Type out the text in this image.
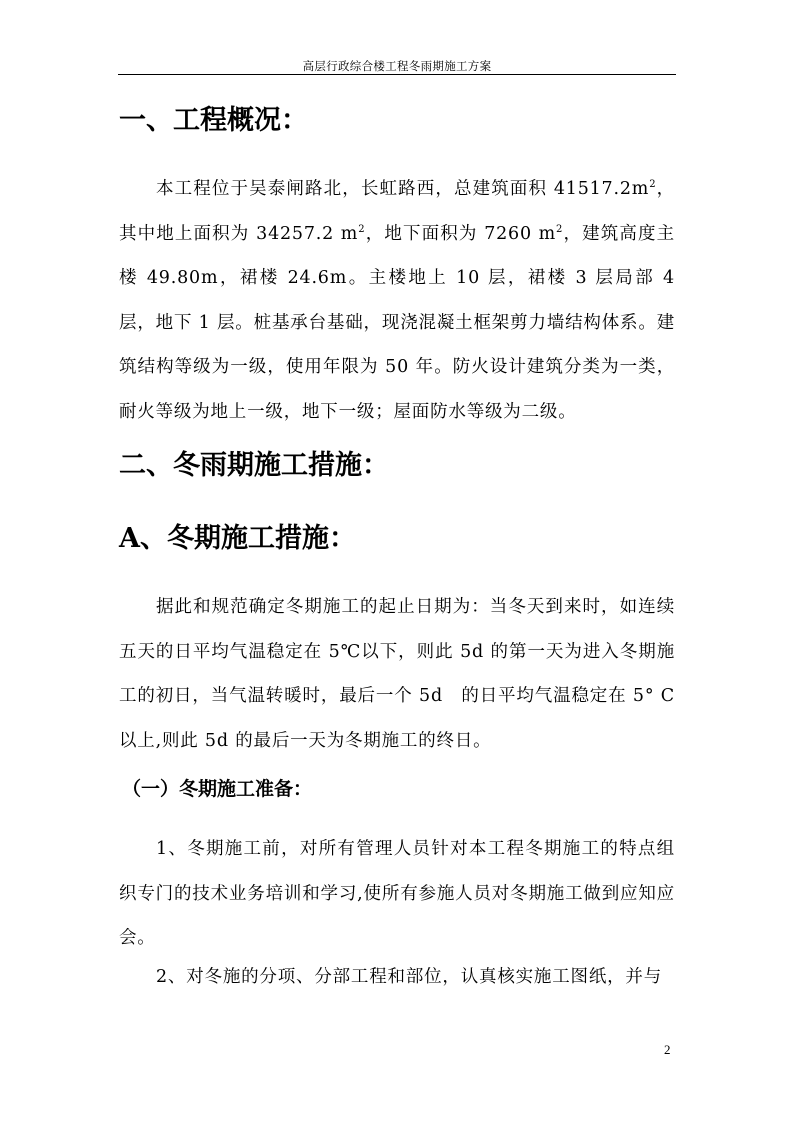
高层行政综合楼工程冬雨期施工方案
一、工程概况：
本工程位于吴泰闸路北，长虹路西，总建筑面积 $41517.2m^2$，其中地上面积为 34257.2 $m^2$，地下面积为 7260 $m^2$，建筑高度主楼 49.80m，裙楼 24.6m。主楼地上 10 层，裙楼 3 层局部 4 层，地下 1 层。桩基承台基础，现浇混凝土框架剪力墙结构体系。建筑结构等级为一级，使用年限为 50 年。防火设计建筑分类为一类，耐火等级为地上一级，地下一级；屋面防水等级为二级。
二、冬雨期施工措施：
A、冬期施工措施：
据此和规范确定冬期施工的起止日期为：当冬天到来时，如连续五天的日平均气温稳定在 5℃以下，则此 5d 的第一天为进入冬期施工的初日，当气温转暖时，最后一个 5d　的日平均气温稳定在 5° C以上,则此 5d 的最后一天为冬期施工的终日。
（一）冬期施工准备：
1、冬期施工前，对所有管理人员针对本工程冬期施工的特点组织专门的技术业务培训和学习,使所有参施人员对冬期施工做到应知应会。
2、对冬施的分项、分部工程和部位，认真核实施工图纸，并与
2
